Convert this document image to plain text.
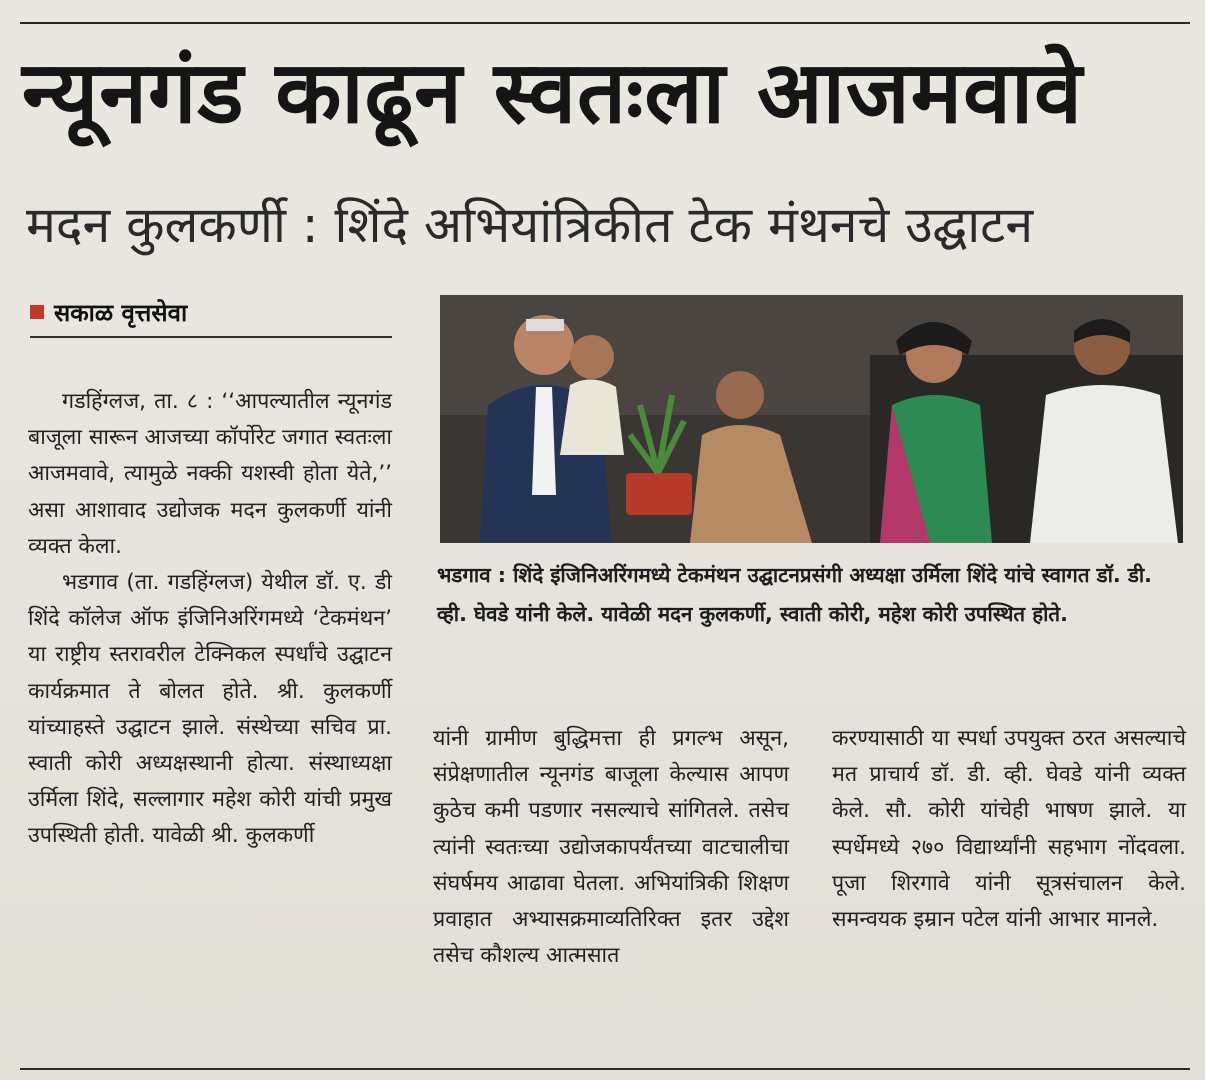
न्यूनगंड काढून स्वतःला आजमवावे
मदन कुलकर्णी : शिंदे अभियांत्रिकीत टेक मंथनचे उद्घाटन
सकाळ वृत्तसेवा

गडहिंग्लज, ता. ८ : ‘‘आपल्यातील न्यूनगंड बाजूला सारून आजच्या कॉर्पोरेट जगात स्वतःला आजमवावे, त्यामुळे नक्की यशस्वी होता येते,’’ असा आशावाद उद्योजक मदन कुलकर्णी यांनी व्यक्त केला.

भडगाव (ता. गडहिंग्लज) येथील डॉ. ए. डी शिंदे कॉलेज ऑफ इंजिनिअरिंगमध्ये ‘टेकमंथन’ या राष्ट्रीय स्तरावरील टेक्निकल स्पर्धांचे उद्घाटन कार्यक्रमात ते बोलत होते. श्री. कुलकर्णी यांच्याहस्ते उद्घाटन झाले. संस्थेच्या सचिव प्रा. स्वाती कोरी अध्यक्षस्थानी होत्या. संस्थाध्यक्षा उर्मिला शिंदे, सल्लागार महेश कोरी यांची प्रमुख उपस्थिती होती. यावेळी श्री. कुलकर्णी

भडगाव : शिंदे इंजिनिअरिंगमध्ये टेकमंथन उद्घाटनप्रसंगी अध्यक्षा उर्मिला शिंदे यांचे स्वागत डॉ. डी. व्ही. घेवडे यांनी केले. यावेळी मदन कुलकर्णी, स्वाती कोरी, महेश कोरी उपस्थित होते.

यांनी ग्रामीण बुद्धिमत्ता ही प्रगल्भ असून, संप्रेक्षणातील न्यूनगंड बाजूला केल्यास आपण कुठेच कमी पडणार नसल्याचे सांगितले. तसेच त्यांनी स्वतःच्या उद्योजकापर्यंतच्या वाटचालीचा संघर्षमय आढावा घेतला. अभियांत्रिकी शिक्षण प्रवाहात अभ्यासक्रमाव्यतिरिक्त इतर उद्देश तसेच कौशल्य आत्मसात

करण्यासाठी या स्पर्धा उपयुक्त ठरत असल्याचे मत प्राचार्य डॉ. डी. व्ही. घेवडे यांनी व्यक्त केले. सौ. कोरी यांचेही भाषण झाले. या स्पर्धेमध्ये २७० विद्यार्थ्यांनी सहभाग नोंदवला. पूजा शिरगावे यांनी सूत्रसंचालन केले. समन्वयक इम्रान पटेल यांनी आभार मानले.
